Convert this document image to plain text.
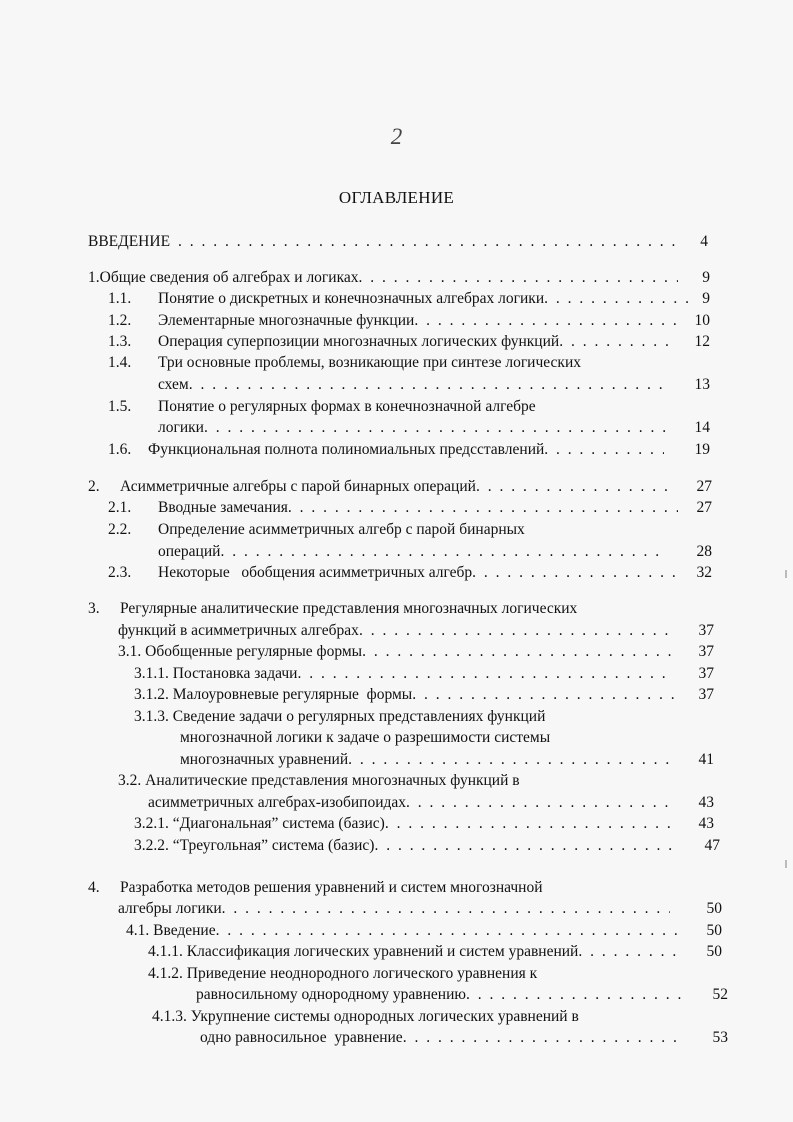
2
ОГЛАВЛЕНИЕ
ВВЕДЕНИЕ . . .	4
1.Общие сведения об алгебрах и логиках . . .	9
1.1.	Понятие о дискретных и конечнозначных алгебрах логики . . .	9
1.2.	Элементарные многозначные функции . . .	10
1.3.	Операция суперпозиции многозначных логических функций . . .	12
1.4. Три основные проблемы, возникающие при синтезе логических
схем . . .	13
1.5. Понятие о регулярных формах в конечнозначной алгебре
логики . . .	14
1.6.	Функциональная полнота полиномиальных предсставлений . . .	19
2.	Асимметричные алгебры с парой бинарных операций . . .	27
2.1.	Вводные замечания . . .	27
2.2. Определение асимметричных алгебр с парой бинарных
операций . . .	28
2.3.	Некоторые   обобщения асимметричных алгебр . . .	32
3. Регулярные аналитические представления многозначных логических
функций в асимметричных алгебрах . . .	37
3.1. Обобщенные регулярные формы . . .	37
3.1.1. Постановка задачи . . .	37
3.1.2. Малоуровневые регулярные  формы . . .	37
3.1.3. Сведение задачи о регулярных представлениях функций
многозначной логики к задаче о разрешимости системы
многозначных уравнений . . .	41
3.2. Аналитические представления многозначных функций в
асимметричных алгебрах-изобипоидах . . .	43
3.2.1. “Диагональная” система (базис) . . .	43
3.2.2. “Треугольная” система (базис) . . .	47
4. Разработка методов решения уравнений и систем многозначной
алгебры логики . . .	50
4.1. Введение . . .	50
4.1.1. Классификация логических уравнений и систем уравнений . . .	50
4.1.2. Приведение неоднородного логического уравнения к
равносильному однородному уравнению . . .	52
4.1.3. Укрупнение системы однородных логических уравнений в
одно равносильное  уравнение . . .	53
